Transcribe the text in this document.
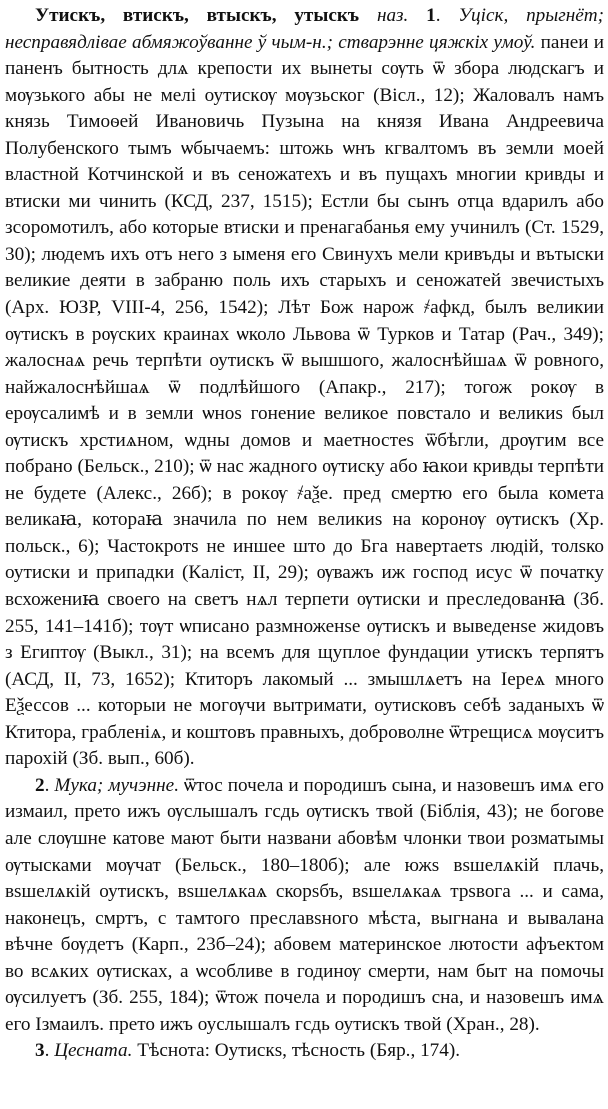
Утискъ, втискъ, втыскъ, утыскъ наз. 1. Уціск, прыгнёт; несправядлівае абмяжоўванне ў чым-н.; стварэнне цяжкіх умоў. панеи и паненъ бытность длѧ крепости их вынеты сѹть ѿ збора людскагъ и мѹзького абы не мелі оутискѹ мѹзьског (Вісл., 12); Жаловалъ намъ князь Тимоѳей Ивановичь Пузына на князя Ивана Андреевича Полубенского тымъ ѡбычаемъ: штожь ѡнъ кгвалтомъ въ земли моей властной Котчинской и въ сеножатехъ и въ пущахъ многии кривды и втиски ми чинить (КСД, 237, 1515); Естли бы сынъ отца вдарилъ або зсоромотилъ, або которые втиски и пренагабанья ему учинилъ (Ст. 1529, 30); людемъ ихъ отъ него з ыменя его Свинухъ мели кривъды и вътыски великие деяти в забраню поль ихъ старыхъ и сеножатей звечистыхъ (Арх. ЮЗР, VIII-4, 256, 1542); Лѣт Бож нарож ҂афкд, былъ великии ѹтискъ в рѹских краинах ѡколо Львова ѿ Турков и Татар (Рач., 349); жалоснаѧ речь терпѣти оутискъ ѿ вышшого, жалоснѣйшаѧ ѿ ровного, найжалоснѣйшаѧ ѿ подлѣйшого (Апакр., 217); тогож рокѹ в ерѹсалимѣ и в земли ѡноѕ гонение великое повстало и великиѕ был ѹтискъ хрстиѧном, ѡдны домов и маетностеѕ ѿбѣгли, дрѹгим все побрано (Бельск., 210); ѿ нас жадного ѹтиску або ꙗкои кривды терпѣти не будете (Алекс., 26б); в рокѹ ҂аѯе. пред смертю его была комета великаꙗ, котораꙗ значила по нем великиѕ на коронѹ ѹтискъ (Хр. польск., 6); Частокротѕ не иншее што до Бга навертаетѕ людій, толѕко оутиски и припадки (Каліст, II, 29); ѹважъ иж господ исус ѿ початку всхожениꙗ своего на светъ нѧл терпети ѹтиски и преследованꙗ (Зб. 255, 141–141б); тѹт ѡписано размноженѕе ѹтискъ и выведенѕе жидовъ з Египтѹ (Выкл., 31); на всемъ для щуплое фундации утискъ терпятъ (АСД, II, 73, 1652); Ктиторъ лакомый ... змышлѧетъ на Іереѧ много Еѯессов ... которыи не могѹчи вытримати, оутисковъ себѣ заданыхъ ѿ Ктитора, грабленіѧ, и коштовъ правныхъ, доброволне ѿтрещисѧ мѹситъ парохій (Зб. вып., 60б).

2. Мука; мучэнне. ѿтос почела и породишъ сына, и назовешъ имѧ его измаил, прето ижъ ѹслышалъ гсдь ѹтискъ твой (Біблія, 43); не богове але слѹшне катове мают быти названи абовѣм члонки твои розматымы ѹтысками мѹчат (Бельск., 180–180б); але южѕ вѕшелѧкій плачь, вѕшелѧкій оутискъ, вѕшелѧкаѧ скорѕбъ, вѕшелѧкаѧ трѕвога ... и сама, наконецъ, смртъ, с тамтого преславѕного мѣста, выгнана и вывалана вѣчне бѹдетъ (Карп., 23б–24); абовем материнское лютости афъектом во всѧких ѹтисках, а ѡсобливе в годинѹ смерти, нам быт на помочы ѹсилуетъ (Зб. 255, 184); ѿтож почела и породишъ сна, и назовешъ имѧ его Ізмаилъ. прето ижъ оуслышалъ гсдь оутискъ твой (Хран., 28).

3. Цесната. Тѣснота: Оутискѕ, тѣсность (Бяр., 174).
